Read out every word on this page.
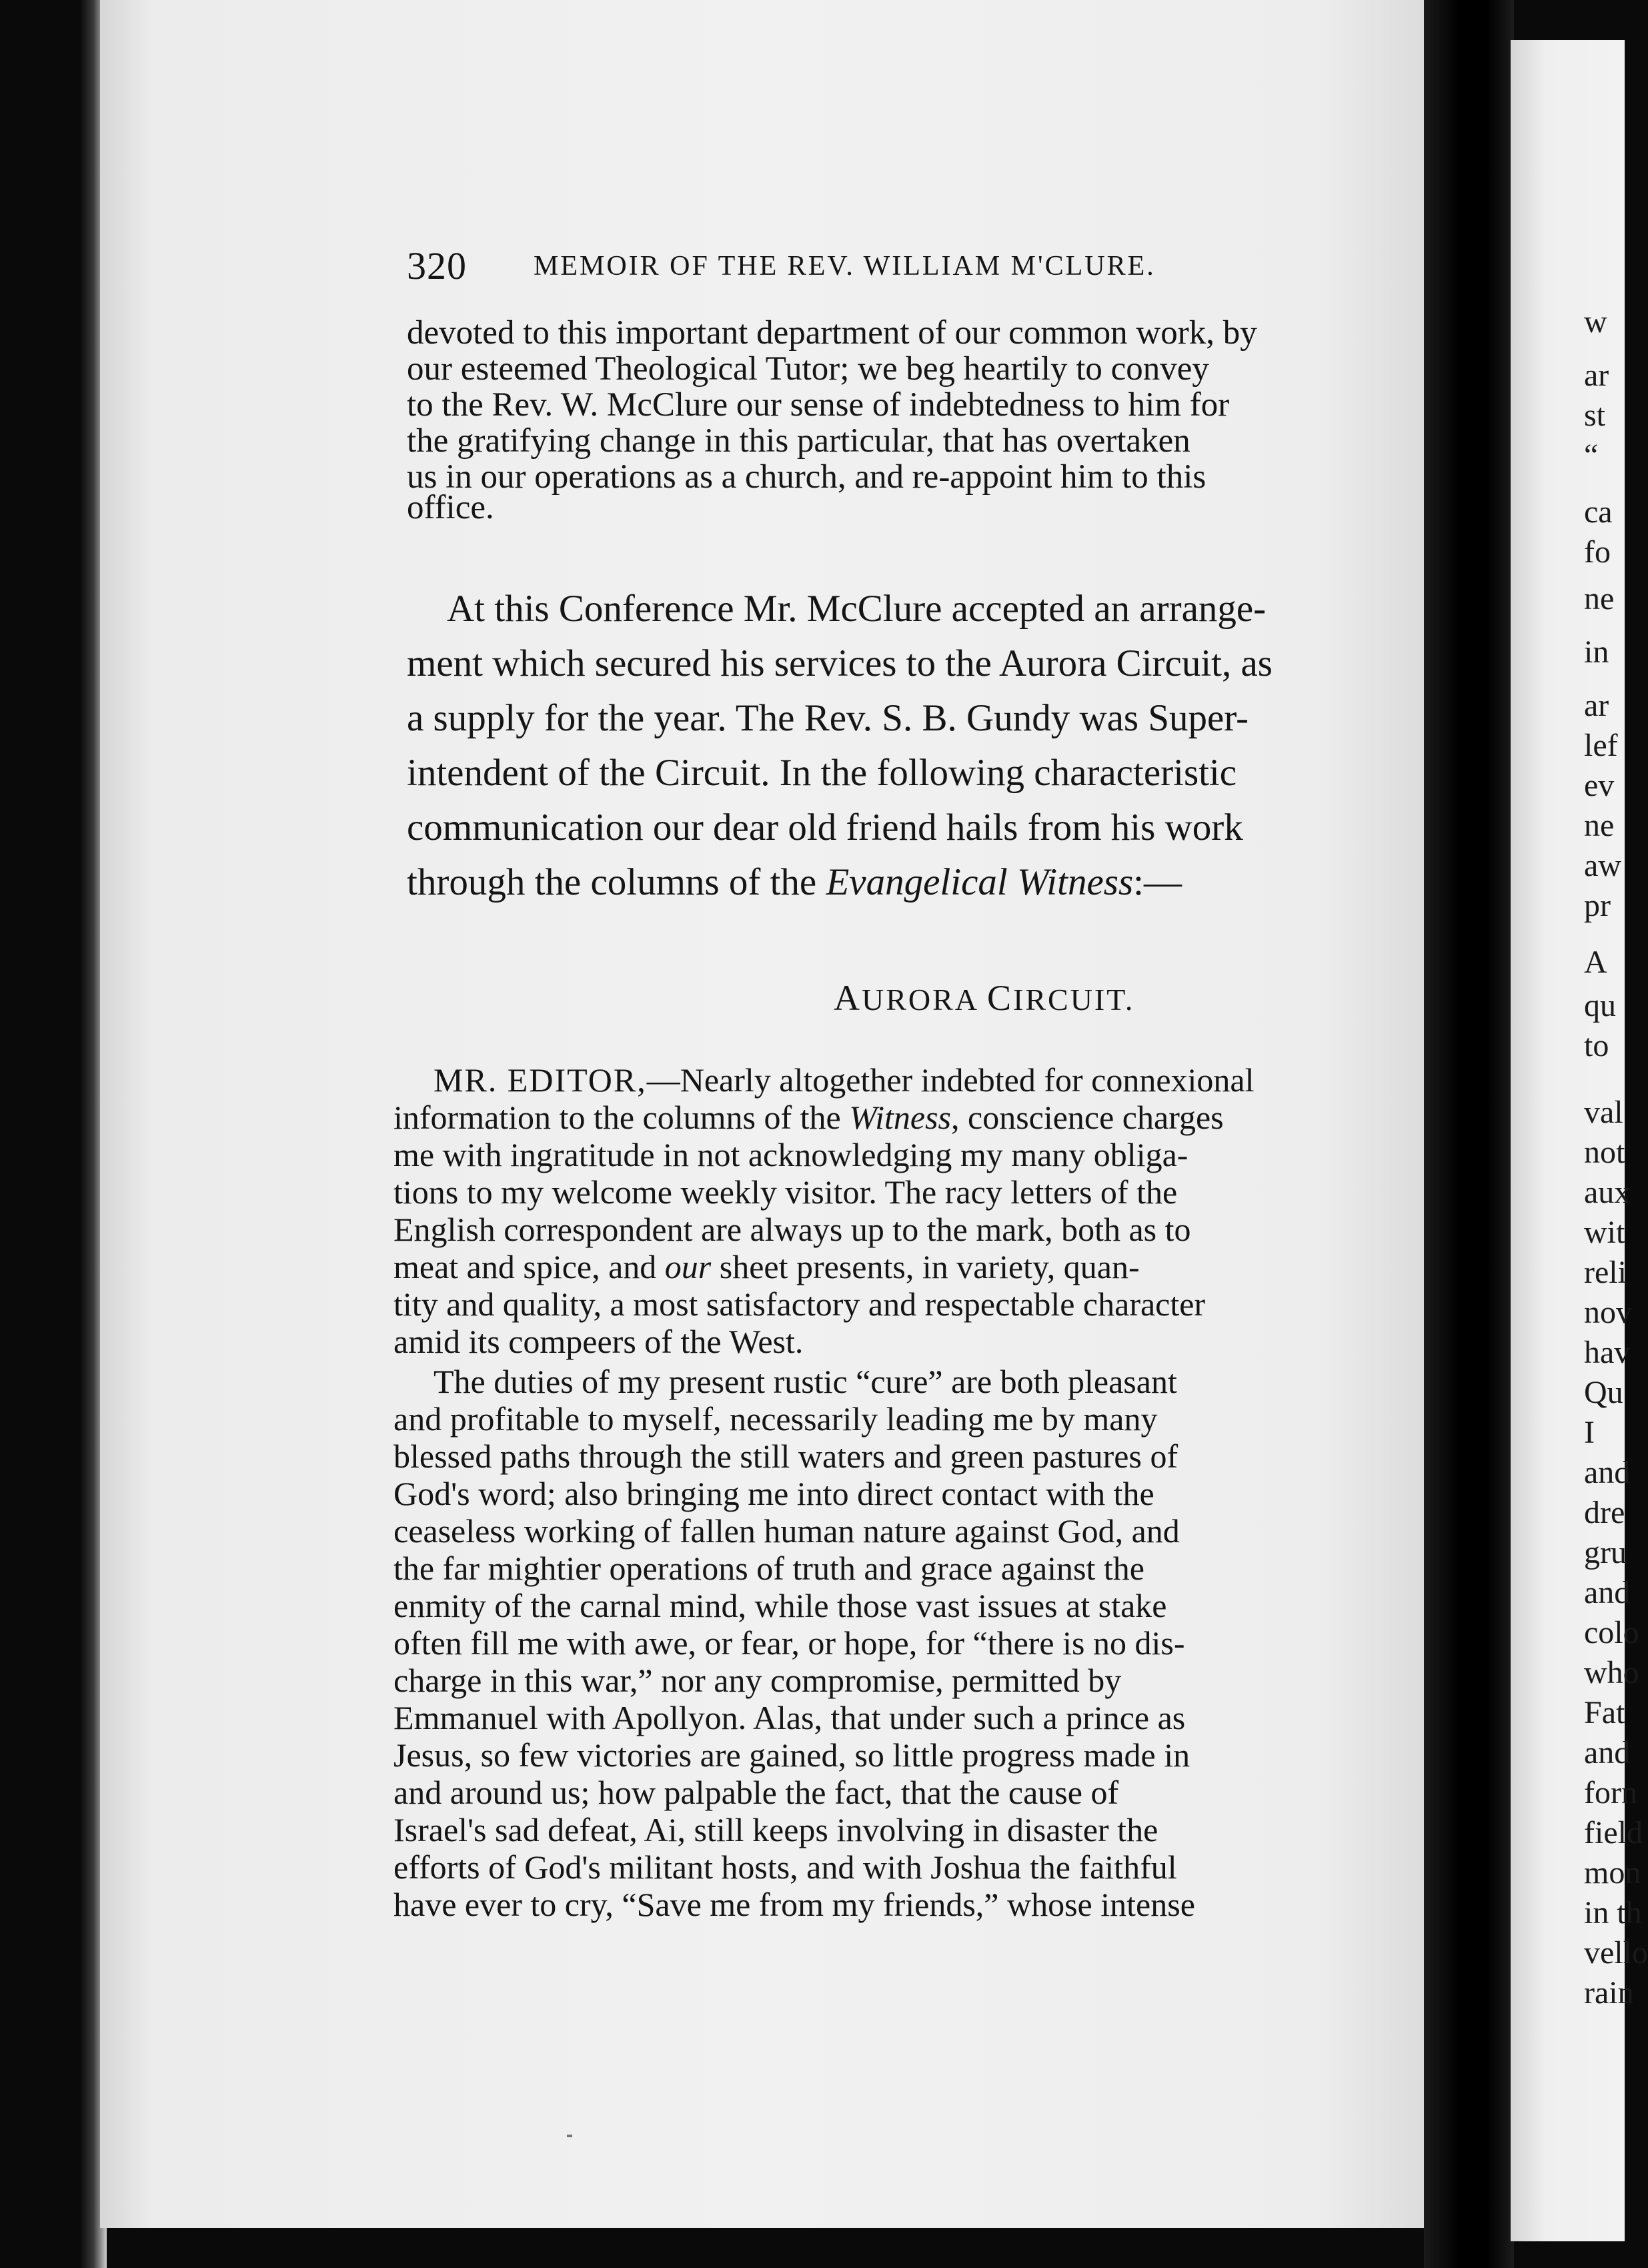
320 MEMOIR OF THE REV. WILLIAM M'CLURE.
devoted to this important department of our common work, by
our esteemed Theological Tutor; we beg heartily to convey
to the Rev. W. McClure our sense of indebtedness to him for
the gratifying change in this particular, that has overtaken
us in our operations as a church, and re-appoint him to this
office.
At this Conference Mr. McClure accepted an arrange-
ment which secured his services to the Aurora Circuit, as
a supply for the year. The Rev. S. B. Gundy was Super-
intendent of the Circuit. In the following characteristic
communication our dear old friend hails from his work
through the columns of the Evangelical Witness:—
AURORA CIRCUIT.
MR. EDITOR,—Nearly altogether indebted for connexional
information to the columns of the Witness, conscience charges
me with ingratitude in not acknowledging my many obliga-
tions to my welcome weekly visitor. The racy letters of the
English correspondent are always up to the mark, both as to
meat and spice, and our sheet presents, in variety, quan-
tity and quality, a most satisfactory and respectable character
amid its compeers of the West.
The duties of my present rustic “cure” are both pleasant
and profitable to myself, necessarily leading me by many
blessed paths through the still waters and green pastures of
God's word; also bringing me into direct contact with the
ceaseless working of fallen human nature against God, and
the far mightier operations of truth and grace against the
enmity of the carnal mind, while those vast issues at stake
often fill me with awe, or fear, or hope, for “there is no dis-
charge in this war,” nor any compromise, permitted by
Emmanuel with Apollyon. Alas, that under such a prince as
Jesus, so few victories are gained, so little progress made in
and around us; how palpable the fact, that the cause of
Israel's sad defeat, Ai, still keeps involving in disaster the
efforts of God's militant hosts, and with Joshua the faithful
have ever to cry, “Save me from my friends,” whose intense
w
ar
st
“
ca
fo
ne
in
ar
lef
ev
ne
aw
pr
A
qu
to
val
not
aux
wit
reli
nov
hav
Qu
I
and
dre
gru
and
colo
who
Fat
and
forn
field
mon
in th
vello
rain
